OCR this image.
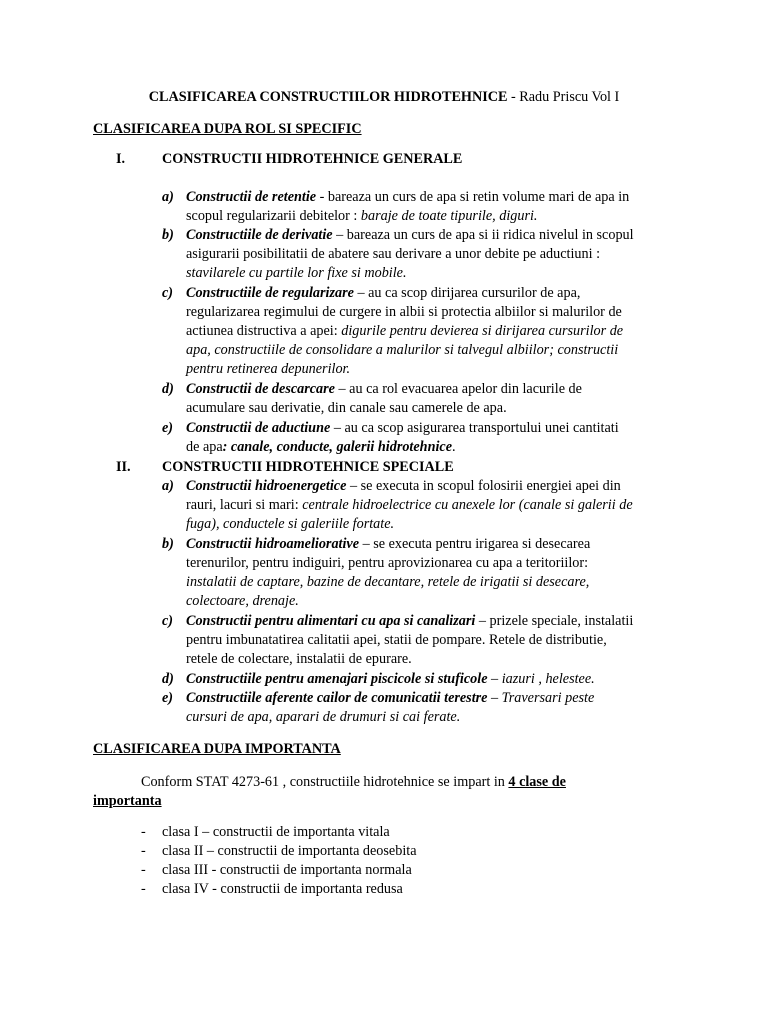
CLASIFICAREA CONSTRUCTIILOR HIDROTEHNICE - Radu Priscu Vol I
CLASIFICAREA DUPA ROL SI SPECIFIC
I.	CONSTRUCTII HIDROTEHNICE GENERALE
a) Constructii de retentie - bareaza un curs de apa si retin volume mari de apa in
scopul regularizarii debitelor : baraje de toate tipurile, diguri.
b) Constructiile de derivatie – bareaza un curs de apa si ii ridica nivelul in scopul
asigurarii posibilitatii de abatere sau derivare a unor debite pe aductiuni :
stavilarele cu partile lor fixe si mobile.
c) Constructiile de regularizare – au ca scop dirijarea cursurilor de apa,
regularizarea regimului de curgere in albii si protectia albiilor si malurilor de
actiunea distructiva a apei: digurile pentru devierea si dirijarea cursurilor de
apa, constructiile de consolidare a malurilor si talvegul albiilor; constructii
pentru retinerea depunerilor.
d) Constructii de descarcare – au ca rol evacuarea apelor din lacurile de
acumulare sau derivatie, din canale sau camerele de apa.
e) Constructii de aductiune – au ca scop asigurarea transportului unei cantitati
de apa: canale, conducte, galerii hidrotehnice.
II. CONSTRUCTII HIDROTEHNICE SPECIALE
a) Constructii hidroenergetice – se executa in scopul folosirii energiei apei din
rauri, lacuri si mari: centrale hidroelectrice cu anexele lor (canale si galerii de
fuga), conductele si galeriile fortate.
b) Constructii hidroameliorative – se executa pentru irigarea si desecarea
terenurilor, pentru indiguiri, pentru aprovizionarea cu apa a teritoriilor:
instalatii de captare, bazine de decantare, retele de irigatii si desecare,
colectoare, drenaje.
c) Constructii pentru alimentari cu apa si canalizari – prizele speciale, instalatii
pentru imbunatatirea calitatii apei, statii de pompare. Retele de distributie,
retele de colectare, instalatii de epurare.
d) Constructiile pentru amenajari piscicole si stuficole – iazuri , helestee.
e) Constructiile aferente cailor de comunicatii terestre – Traversari peste
cursuri de apa, aparari de drumuri si cai ferate.
CLASIFICAREA DUPA IMPORTANTA
Conform STAT 4273-61 , constructiile hidrotehnice se impart in 4 clase de
importanta
- clasa I – constructii de importanta vitala
- clasa II – constructii de importanta deosebita
- clasa III - constructii de importanta normala
- clasa IV - constructii de importanta redusa
